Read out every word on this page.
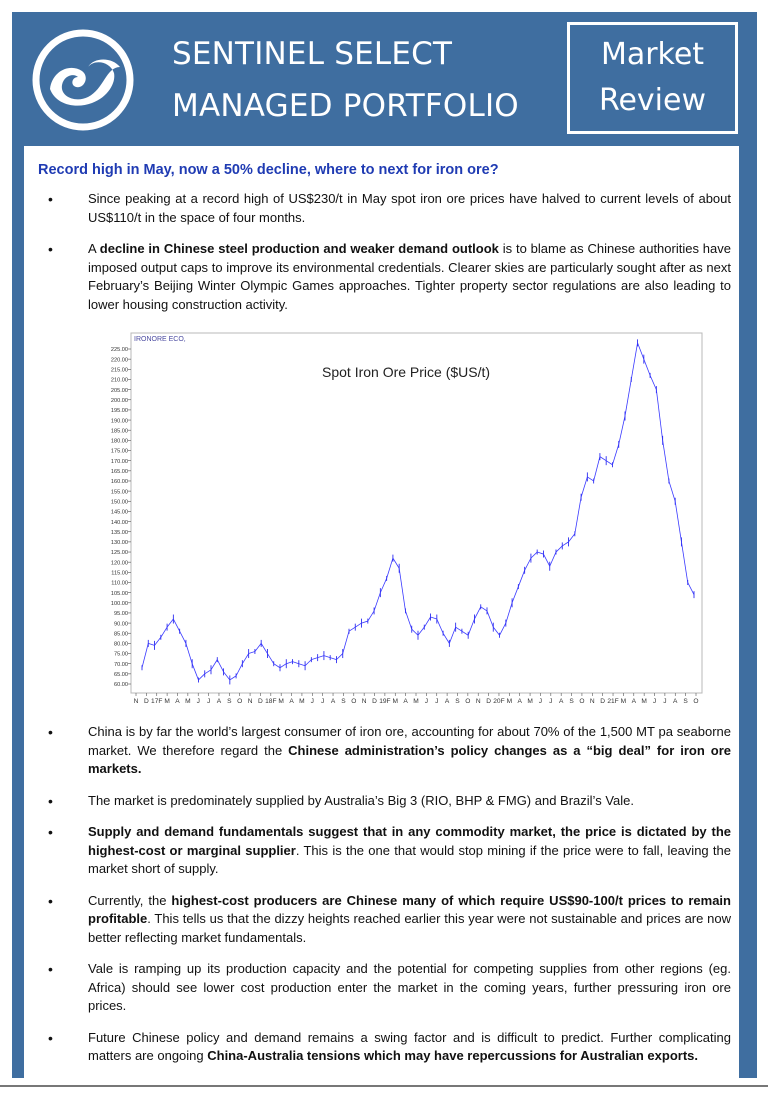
SENTINEL SELECT
MANAGED PORTFOLIO
Market
Review
Record high in May, now a 50% decline, where to next for iron ore?
• Since peaking at a record high of US$230/t in May spot iron ore prices have halved to current levels of about US$110/t in the space of four months.
• A decline in Chinese steel production and weaker demand outlook is to blame as Chinese authorities have imposed output caps to improve its environmental credentials. Clearer skies are particularly sought after as next February’s Beijing Winter Olympic Games approaches. Tighter property sector regulations are also leading to lower housing construction activity.
IRONORE ECO,
Spot Iron Ore Price ($US/t)
225.00
220.00
215.00
210.00
205.00
200.00
195.00
190.00
185.00
180.00
175.00
170.00
165.00
160.00
155.00
150.00
145.00
140.00
135.00
130.00
125.00
120.00
115.00
110.00
105.00
100.00
95.00
90.00
85.00
80.00
75.00
70.00
65.00
60.00
N D 17F M A M J J A S O N D 18F M A M J J A S O N D 19F M A M J J A S O N D 20F M A M J J A S O N D 21F M A M J J A S O
• China is by far the world’s largest consumer of iron ore, accounting for about 70% of the 1,500 MT pa seaborne market. We therefore regard the Chinese administration’s policy changes as a “big deal” for iron ore markets.
• The market is predominately supplied by Australia’s Big 3 (RIO, BHP & FMG) and Brazil’s Vale.
• Supply and demand fundamentals suggest that in any commodity market, the price is dictated by the highest-cost or marginal supplier. This is the one that would stop mining if the price were to fall, leaving the market short of supply.
• Currently, the highest-cost producers are Chinese many of which require US$90-100/t prices to remain profitable. This tells us that the dizzy heights reached earlier this year were not sustainable and prices are now better reflecting market fundamentals.
• Vale is ramping up its production capacity and the potential for competing supplies from other regions (eg. Africa) should see lower cost production enter the market in the coming years, further pressuring iron ore prices.
• Future Chinese policy and demand remains a swing factor and is difficult to predict. Further complicating matters are ongoing China-Australia tensions which may have repercussions for Australian exports.
